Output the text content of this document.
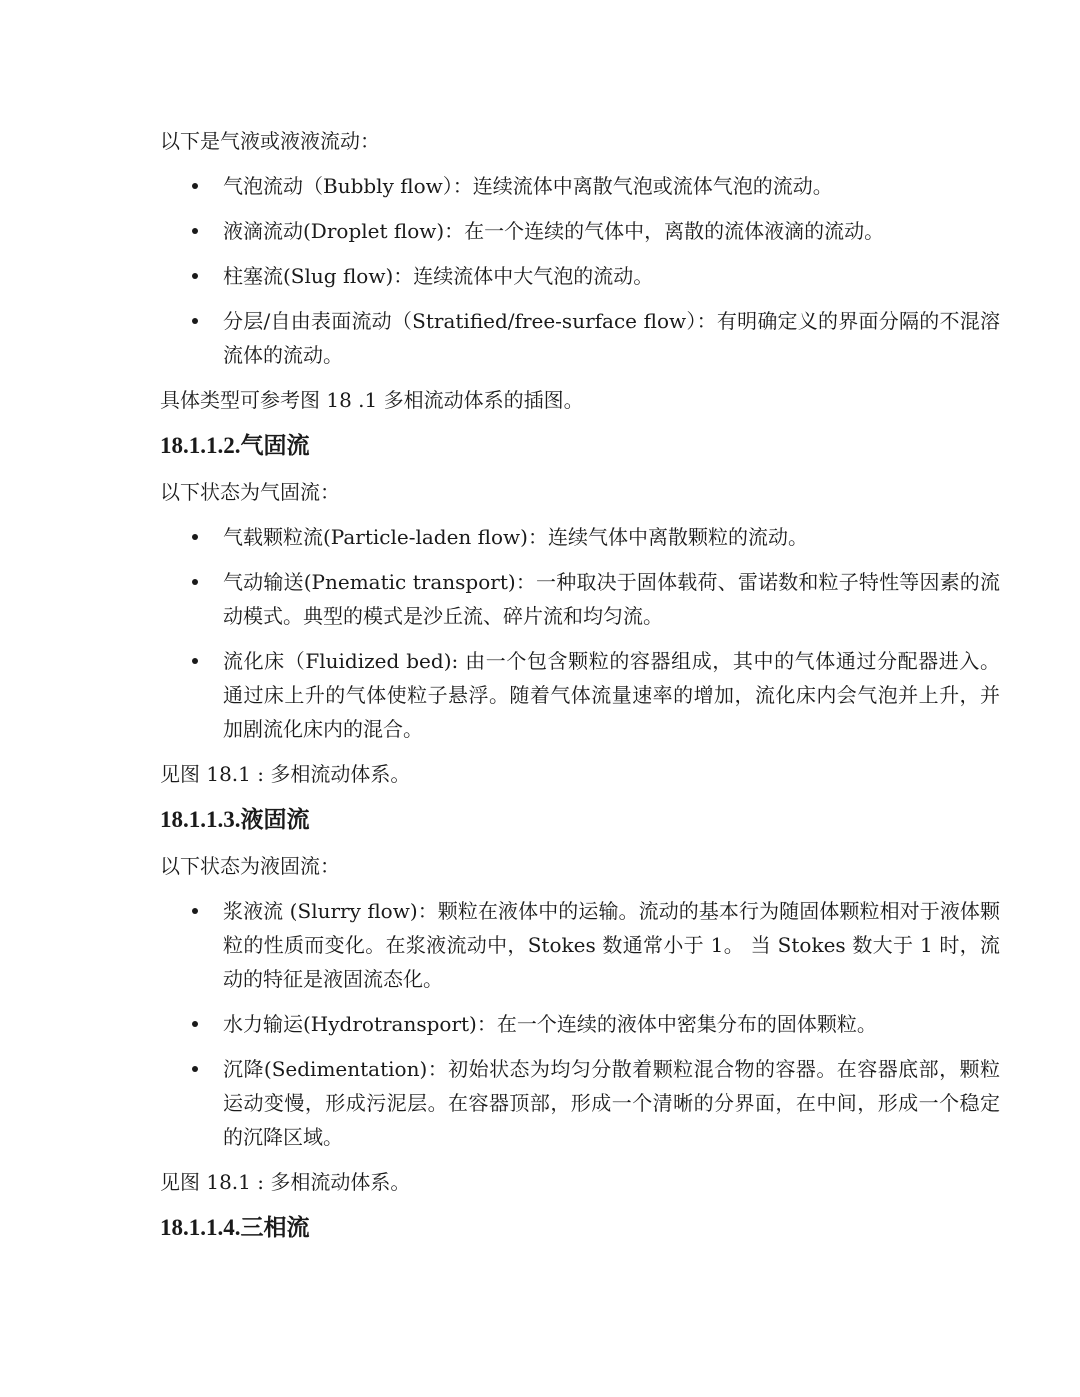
以下是气液或液液流动：

气泡流动（Bubbly flow）：连续流体中离散气泡或流体气泡的流动。
液滴流动(Droplet flow)：在一个连续的气体中，离散的流体液滴的流动。
柱塞流(Slug flow)：连续流体中大气泡的流动。
分层/自由表面流动（Stratified/free-surface flow）：有明确定义的界面分隔的不混溶流体的流动。

具体类型可参考图 18 .1 多相流动体系的插图。

18.1.1.2.气固流

以下状态为气固流：

气载颗粒流(Particle-laden flow)：连续气体中离散颗粒的流动。
气动输送(Pnematic transport)：一种取决于固体载荷、雷诺数和粒子特性等因素的流动模式。典型的模式是沙丘流、碎片流和均匀流。
流化床（Fluidized bed): 由一个包含颗粒的容器组成，其中的气体通过分配器进入。通过床上升的气体使粒子悬浮。随着气体流量速率的增加，流化床内会气泡并上升，并加剧流化床内的混合。

见图 18.1 : 多相流动体系。

18.1.1.3.液固流

以下状态为液固流：

浆液流 (Slurry flow)：颗粒在液体中的运输。流动的基本行为随固体颗粒相对于液体颗粒的性质而变化。在浆液流动中，Stokes 数通常小于 1。 当 Stokes 数大于 1 时，流动的特征是液固流态化。
水力输运(Hydrotransport)：在一个连续的液体中密集分布的固体颗粒。
沉降(Sedimentation)：初始状态为均匀分散着颗粒混合物的容器。在容器底部，颗粒运动变慢，形成污泥层。在容器顶部，形成一个清晰的分界面，在中间，形成一个稳定的沉降区域。

见图 18.1 : 多相流动体系。

18.1.1.4.三相流
